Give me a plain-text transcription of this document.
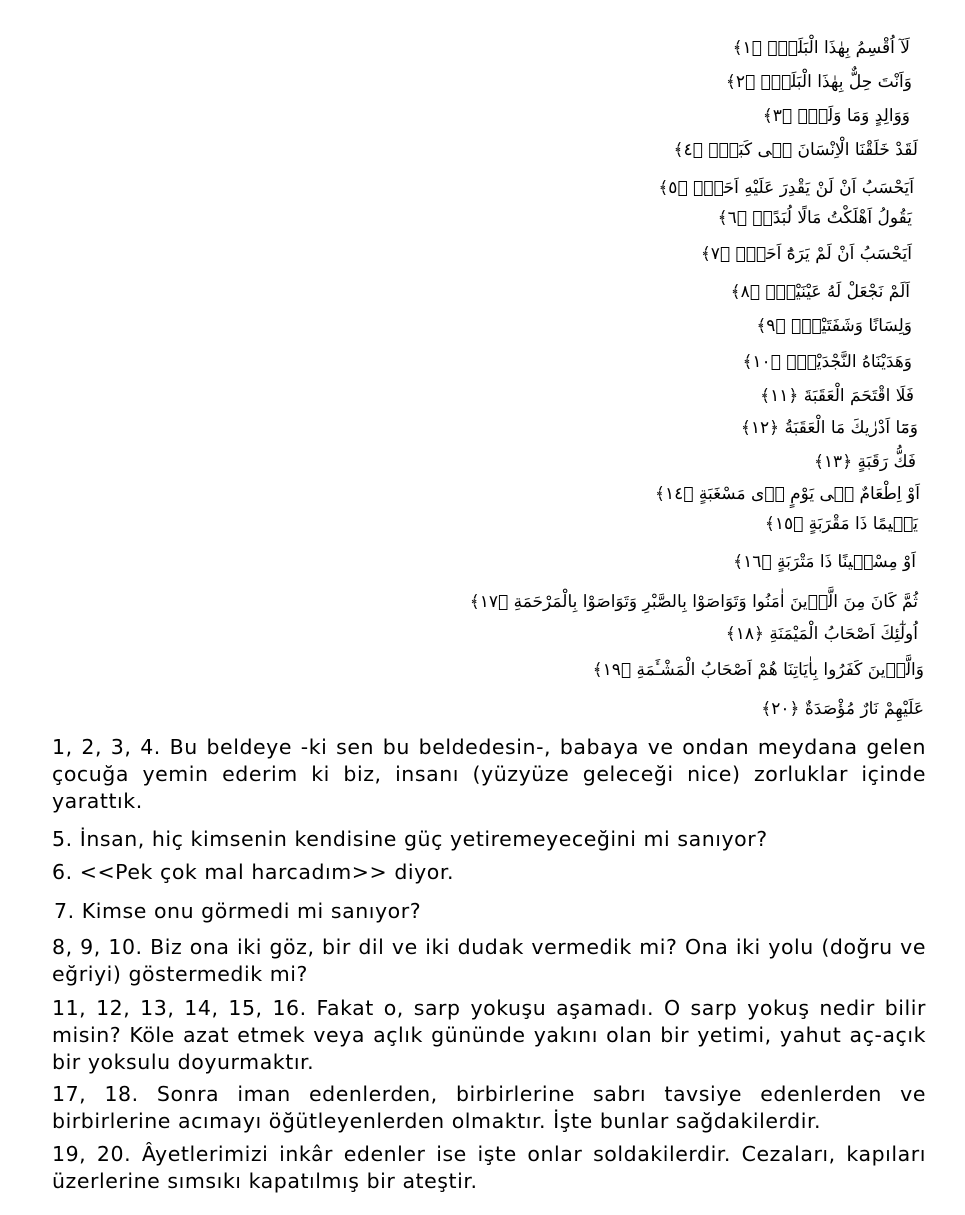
لَآ اُقْسِمُ بِهٰذَا الْبَلَدِۙ ﴿١﴾
وَاَنْتَ حِلٌّ بِهٰذَا الْبَلَدِۙ ﴿٢﴾
وَوَالِدٍ وَمَا وَلَدَۙ ﴿٣﴾
لَقَدْ خَلَقْنَا الْاِنْسَانَ فٖى كَبَدٍۜ ﴿٤﴾
اَيَحْسَبُ اَنْ لَنْ يَقْدِرَ عَلَيْهِ اَحَدٌۢ ﴿٥﴾
يَقُولُ اَهْلَكْتُ مَالًا لُبَدًاۜ ﴿٦﴾
اَيَحْسَبُ اَنْ لَمْ يَرَهُٓ اَحَدٌۜ ﴿٧﴾
اَلَمْ نَجْعَلْ لَهُ عَيْنَيْنِۙ ﴿٨﴾
وَلِسَانًا وَشَفَتَيْنِۙ ﴿٩﴾
وَهَدَيْنَاهُ النَّجْدَيْنِۚ ﴿١٠﴾
فَلَا اقْتَحَمَ الْعَقَبَةَ ﴿١١﴾
وَمَٓا اَدْرٰيكَ مَا الْعَقَبَةُ ﴿١٢﴾
فَكُّ رَقَبَةٍ ﴿١٣﴾
اَوْ اِطْعَامٌ فٖى يَوْمٍ ذٖى مَسْغَبَةٍ ﴿١٤﴾
يَتٖيمًا ذَا مَقْرَبَةٍ ﴿١٥﴾
اَوْ مِسْكٖينًا ذَا مَتْرَبَةٍ ﴿١٦﴾
ثُمَّ كَانَ مِنَ الَّذٖينَ اٰمَنُوا وَتَوَاصَوْا بِالصَّبْرِ وَتَوَاصَوْا بِالْمَرْحَمَةِ ﴿١٧﴾
اُولٰٓئِكَ اَصْحَابُ الْمَيْمَنَةِ ﴿١٨﴾
وَالَّذٖينَ كَفَرُوا بِاٰيَاتِنَا هُمْ اَصْحَابُ الْمَشْـَٔمَةِ ﴿١٩﴾
عَلَيْهِمْ نَارٌ مُؤْصَدَةٌ ﴿٢٠﴾

1, 2, 3, 4. Bu beldeye -ki sen bu beldedesin-, babaya ve ondan meydana gelen çocuğa yemin ederim ki biz, insanı (yüzyüze geleceği nice) zorluklar içinde yarattık.

5. İnsan, hiç kimsenin kendisine güç yetiremeyeceğini mi sanıyor?

6. <<Pek çok mal harcadım>> diyor.

7. Kimse onu görmedi mi sanıyor?

8, 9, 10. Biz ona iki göz, bir dil ve iki dudak vermedik mi? Ona iki yolu (doğru ve eğriyi) göstermedik mi?

11, 12, 13, 14, 15, 16. Fakat o, sarp yokuşu aşamadı. O sarp yokuş nedir bilir misin? Köle azat etmek veya açlık gününde yakını olan bir yetimi, yahut aç-açık bir yoksulu doyurmaktır.

17, 18. Sonra iman edenlerden, birbirlerine sabrı tavsiye edenlerden ve birbirlerine acımayı öğütleyenlerden olmaktır. İşte bunlar sağdakilerdir.

19, 20. Âyetlerimizi inkâr edenler ise işte onlar soldakilerdir. Cezaları, kapıları üzerlerine sımsıkı kapatılmış bir ateştir.
